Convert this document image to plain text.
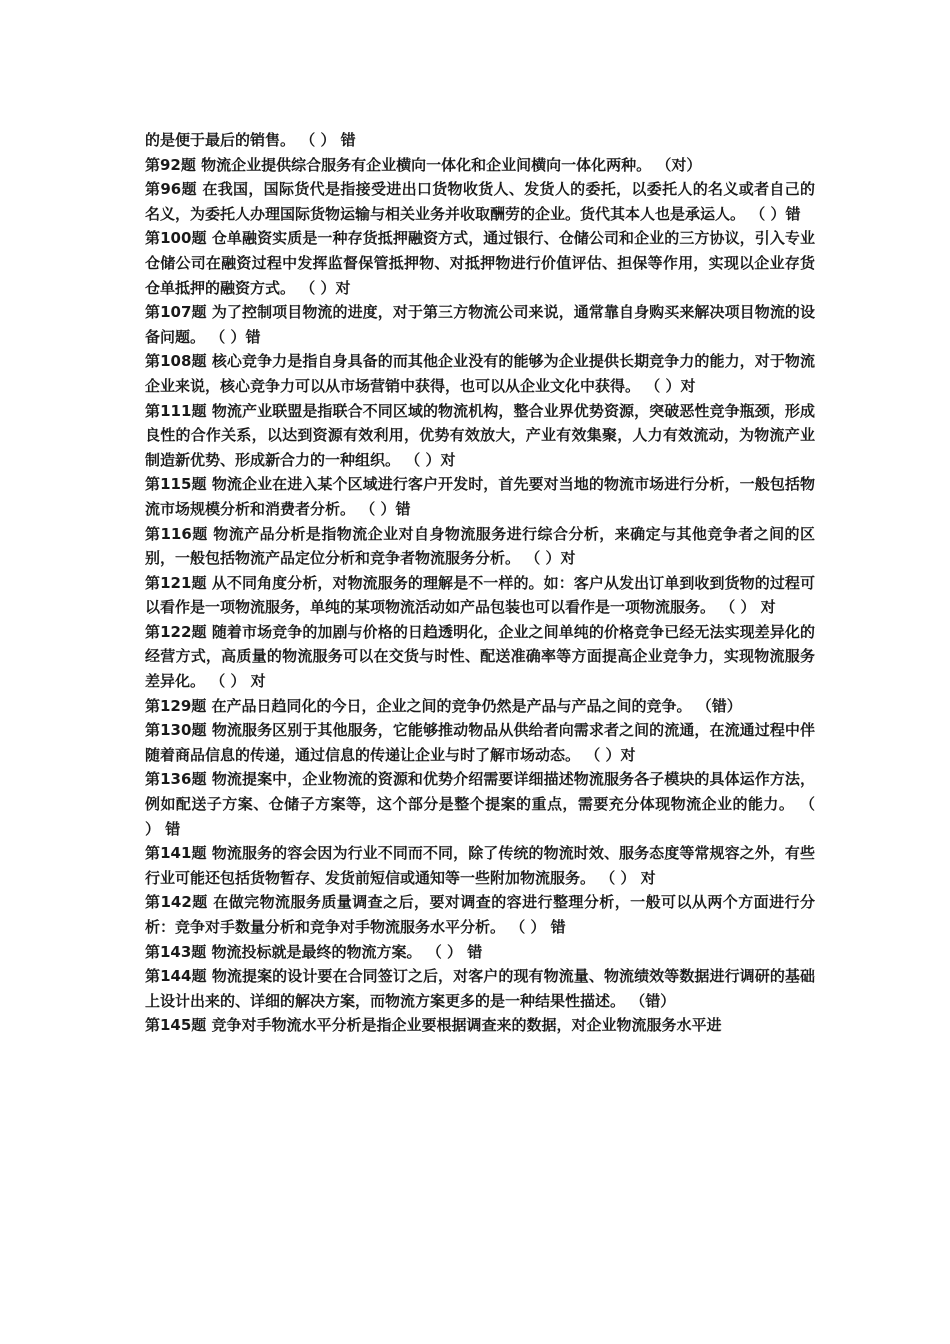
的是便于最后的销售。 （ ） 错

第92题 物流企业提供综合服务有企业横向一体化和企业间横向一体化两种。 （对）

第96题 在我国，国际货代是指接受进出口货物收货人、发货人的委托，以委托人的名义或者自己的名义，为委托人办理国际货物运输与相关业务并收取酬劳的企业。货代其本人也是承运人。 （ ）错

第100题 仓单融资实质是一种存货抵押融资方式，通过银行、仓储公司和企业的三方协议，引入专业仓储公司在融资过程中发挥监督保管抵押物、对抵押物进行价值评估、担保等作用，实现以企业存货仓单抵押的融资方式。 （ ）对

第107题 为了控制项目物流的进度，对于第三方物流公司来说，通常靠自身购买来解决项目物流的设备问题。 （ ）错

第108题 核心竞争力是指自身具备的而其他企业没有的能够为企业提供长期竞争力的能力，对于物流企业来说，核心竞争力可以从市场营销中获得，也可以从企业文化中获得。 （ ）对

第111题 物流产业联盟是指联合不同区域的物流机构，整合业界优势资源，突破恶性竞争瓶颈，形成良性的合作关系，以达到资源有效利用，优势有效放大，产业有效集聚，人力有效流动，为物流产业制造新优势、形成新合力的一种组织。 （ ）对

第115题 物流企业在进入某个区域进行客户开发时，首先要对当地的物流市场进行分析，一般包括物流市场规模分析和消费者分析。 （ ）错

第116题 物流产品分析是指物流企业对自身物流服务进行综合分析，来确定与其他竞争者之间的区别，一般包括物流产品定位分析和竞争者物流服务分析。 （ ）对

第121题 从不同角度分析，对物流服务的理解是不一样的。如：客户从发出订单到收到货物的过程可以看作是一项物流服务，单纯的某项物流活动如产品包装也可以看作是一项物流服务。 （ ） 对

第122题 随着市场竞争的加剧与价格的日趋透明化，企业之间单纯的价格竞争已经无法实现差异化的经营方式，高质量的物流服务可以在交货与时性、配送准确率等方面提高企业竞争力，实现物流服务差异化。 （ ） 对

第129题 在产品日趋同化的今日，企业之间的竞争仍然是产品与产品之间的竞争。 （错）

第130题 物流服务区别于其他服务，它能够推动物品从供给者向需求者之间的流通，在流通过程中伴随着商品信息的传递，通过信息的传递让企业与时了解市场动态。 （ ）对

第136题 物流提案中，企业物流的资源和优势介绍需要详细描述物流服务各子模块的具体运作方法，例如配送子方案、仓储子方案等，这个部分是整个提案的重点，需要充分体现物流企业的能力。 （ ） 错

第141题 物流服务的容会因为行业不同而不同，除了传统的物流时效、服务态度等常规容之外，有些行业可能还包括货物暂存、发货前短信或通知等一些附加物流服务。 （ ） 对

第142题 在做完物流服务质量调查之后，要对调查的容进行整理分析，一般可以从两个方面进行分析：竞争对手数量分析和竞争对手物流服务水平分析。 （ ） 错

第143题 物流投标就是最终的物流方案。 （ ） 错

第144题 物流提案的设计要在合同签订之后，对客户的现有物流量、物流绩效等数据进行调研的基础上设计出来的、详细的解决方案，而物流方案更多的是一种结果性描述。 （错）

第145题 竞争对手物流水平分析是指企业要根据调查来的数据，对企业物流服务水平进
